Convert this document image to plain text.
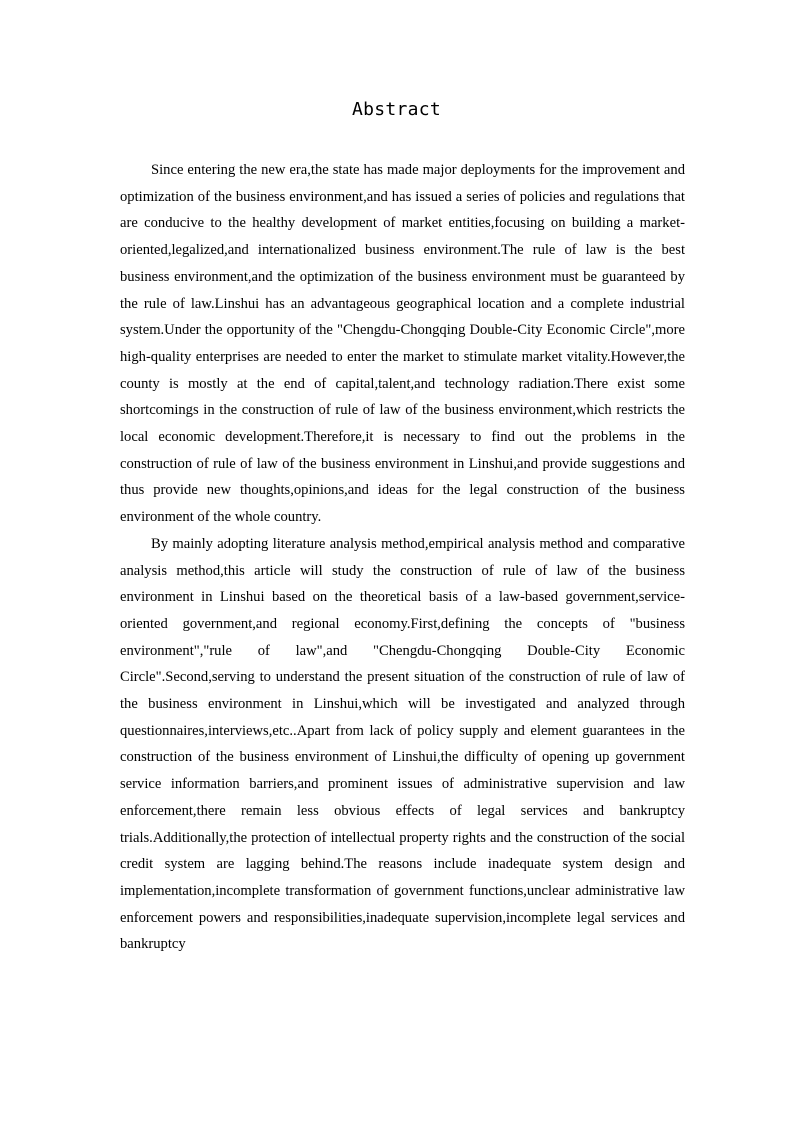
Abstract

Since entering the new era,the state has made major deployments for the improvement and optimization of the business environment,and has issued a series of policies and regulations that are conducive to the healthy development of market entities,focusing on building a market-oriented,legalized,and internationalized business environment.The rule of law is the best business environment,and the optimization of the business environment must be guaranteed by the rule of law.Linshui has an advantageous geographical location and a complete industrial system.Under the opportunity of the "Chengdu-Chongqing Double-City Economic Circle",more high-quality enterprises are needed to enter the market to stimulate market vitality.However,the county is mostly at the end of capital,talent,and technology radiation.There exist some shortcomings in the construction of rule of law of the business environment,which restricts the local economic development.Therefore,it is necessary to find out the problems in the construction of rule of law of the business environment in Linshui,and provide suggestions and thus provide new thoughts,opinions,and ideas for the legal construction of the business environment of the whole country.

By mainly adopting literature analysis method,empirical analysis method and comparative analysis method,this article will study the construction of rule of law of the business environment in Linshui based on the theoretical basis of a law-based government,service-oriented government,and regional economy.First,defining the concepts of "business environment","rule of law",and "Chengdu-Chongqing Double-City Economic Circle".Second,serving to understand the present situation of the construction of rule of law of the business environment in Linshui,which will be investigated and analyzed through questionnaires,interviews,etc..Apart from lack of policy supply and element guarantees in the construction of the business environment of Linshui,the difficulty of opening up government service information barriers,and prominent issues of administrative supervision and law enforcement,there remain less obvious effects of legal services and bankruptcy trials.Additionally,the protection of intellectual property rights and the construction of the social credit system are lagging behind.The reasons include inadequate system design and implementation,incomplete transformation of government functions,unclear administrative law enforcement powers and responsibilities,inadequate supervision,incomplete legal services and bankruptcy
